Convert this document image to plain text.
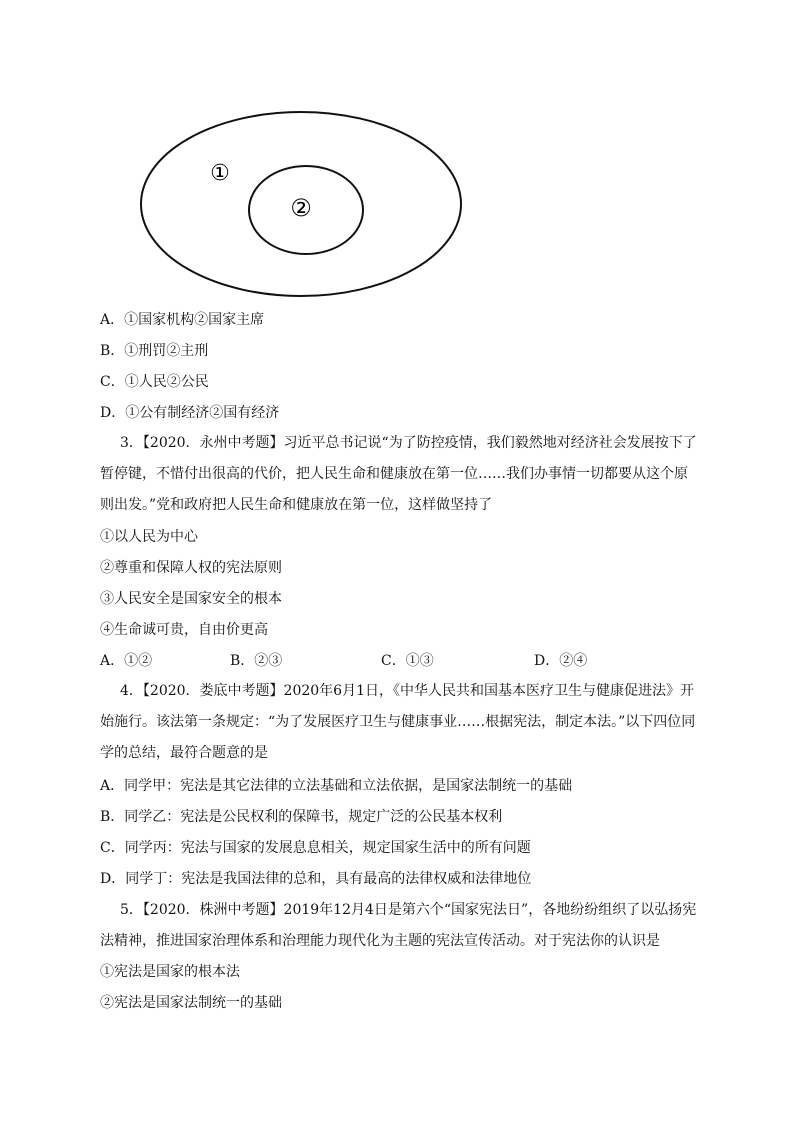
①
②
A．①国家机构②国家主席
B．①刑罚②主刑
C．①人民②公民
D．①公有制经济②国有经济
3．【2020．永州中考题】习近平总书记说“为了防控疫情，我们毅然地对经济社会发展按下了暂停键，不惜付出很高的代价，把人民生命和健康放在第一位……我们办事情一切都要从这个原则出发。”党和政府把人民生命和健康放在第一位，这样做坚持了
①以人民为中心
②尊重和保障人权的宪法原则
③人民安全是国家安全的根本
④生命诚可贵，自由价更高
A．①②	B．②③	C．①③	D．②④
4．【2020．娄底中考题】2020年6月1日，《中华人民共和国基本医疗卫生与健康促进法》开始施行。该法第一条规定：“为了发展医疗卫生与健康事业……根据宪法，制定本法。”以下四位同学的总结，最符合题意的是
A．同学甲：宪法是其它法律的立法基础和立法依据，是国家法制统一的基础
B．同学乙：宪法是公民权利的保障书，规定广泛的公民基本权利
C．同学丙：宪法与国家的发展息息相关，规定国家生活中的所有问题
D．同学丁：宪法是我国法律的总和，具有最高的法律权威和法律地位
5．【2020．株洲中考题】2019年12月4日是第六个“国家宪法日”，各地纷纷组织了以弘扬宪法精神，推进国家治理体系和治理能力现代化为主题的宪法宣传活动。对于宪法你的认识是
①宪法是国家的根本法
②宪法是国家法制统一的基础
